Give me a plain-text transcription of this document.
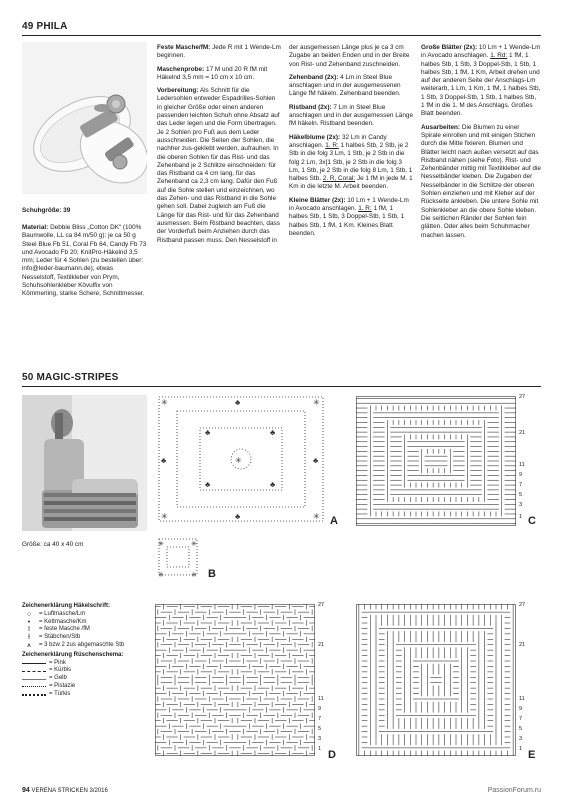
49 PHILA
Schuhgröße: 39
Material: Debbie Bliss „Cotton DK“ (100% Baumwolle, LL ca 84 m/50 g): je ca 50 g Steel Blue Fb 51, Coral Fb 64, Candy Fb 73 und Avocado Fb 20; KnitPro-Häkelnd 3,5 mm; Leder für 4 Sohlen (zu bestellen über: info@leder-baumann.de); etwas Nesselstoff, Textilkleber von Prym, Schuhsohlenkleber Kövulfix von Kömmerling, starke Schere, Schnittmesser.

Feste Masche/fM: Jede R mit 1 Wende-Lm beginnen.

Maschenprobe: 17 M und 20 R fM mit Häkelnd 3,5 mm = 10 cm x 10 cm.

Vorbereitung: Als Schnitt für die Ledersohlen entweder Espadrilles-Sohlen in gleicher Größe oder einen anderen passenden leichten Schuh ohne Absatz auf das Leder legen und die Form übertragen. Je 2 Sohlen pro Fuß aus dem Leder ausschneiden. Die Seiten der Sohlen, die nachher zus-geklebt werden, aufrauhen. In die oberen Sohlen für das Rist- und das Zehenband je 2 Schlitze einschneiden: für das Ristband ca 4 cm lang, für das Zehenband ca 2,3 cm lang. Dafür den Fuß auf die Sohle stellen und einzeichnen, wo das Zehen- und das Ristband in die Sohle gehen soll. Dabei zugleich am Fuß die Länge für das Rist- und für das Zehenband ausmessen. Beim Ristband beachten, dass der Vorderfuß beim Anziehen durch das Ristband passen muss. Den Nesselstoff in

der ausgemessen Länge plus je ca 3 cm Zugabe an beiden Enden und in der Breite von Rist- und Zehenband zuschneiden.

Zehenband (2x): 4 Lm in Steel Blue anschlagen und in der ausgemessenen Länge fM häkeln. Zehenband beenden.

Ristband (2x): 7 Lm in Steel Blue anschlagen und in der ausgemessen Länge fM häkeln. Ristband beenden.

Häkelblume (2x): 32 Lm in Candy anschlagen. 1. R: 1 halbes Stb, 2 Stb, je 2 Stb in die folg 3 Lm, 1 Stb, je 2 Stb in die folg 2 Lm, 3x[1 Stb, je 2 Stb in die folg 3 Lm, 1 Stb, je 2 Stb in die folg 8 Lm, 1 Stb, 1 halbes Stb. 2. R, Coral: Je 1 fM in jede M. 1 Km in die letzte M. Arbeit beenden.

Kleine Blätter (2x): 10 Lm + 1 Wende-Lm in Avocado anschlagen. 1. R: 1 fM, 1 halbes Stb, 1 Stb, 3 Doppel-Stb, 1 Stb, 1 halbes Stb, 1 fM, 1 Km. Kleines Blatt beenden.

Große Blätter (2x): 10 Lm + 1 Wende-Lm in Avocado anschlagen. 1. Rd: 1 fM, 1 halbes Stb, 1 Stb, 3 Doppel-Stb, 1 Stb, 1 halbes Stb, 1 fM, 1 Km, Arbeit drehen und auf der anderen Seite der Anschlags-Lm weiterarb, 1 Lm, 1 Km, 1 fM, 1 halbes Stb, 1 Stb, 3 Doppel-Stb, 1 Stb, 1 halbes Stb, 1 fM in die 1. M des Anschlags. Großes Blatt beenden.

Ausarbeiten: Die Blumen zu einer Spirale einrollen und mit einigen Stichen durch die Mitte fixieren. Blumen und Blätter leicht nach außen versetzt auf das Ristband nähen (siehe Foto). Rist- und Zehenbänder mittig mit Textilkleber auf die Nesselbänder kleben. Die Zugaben der Nesselbänder in die Schlitze der oberen Sohlen einziehen und mit Kleber auf der Rückseite ankleben. Die untere Sohle mit Sohlenkleber an die obere Sohle kleben. Die seitlichen Ränder der Sohlen fein glätten. Oder alles beim Schuhmacher machen lassen.

50 MAGIC-STRIPES
Größe: ca 40 x 40 cm
✳	✳
✳	✳
♣
♣
♣	♣
♣	♣
♣	♣
✳
A
✳	✳
✳	✳ B
C
D	E
27
21
11
9
7
5
3
1
27
21
11
9
7
5
3
1
27
21
11
9
7
5
3
1
Zeichenerklärung Häkelschrift:
○	= Luftmasche/Lm
•	= Kettmasche/Km
I	= feste Masche /fM
ƚ	= Stäbchen/Stb
⩚	= 3 bzw 2 zus abgemaschte Stb
Zeichenerklärung Rüschenschema:
= Pink
= Kürbis
= Gelb
= Pistazie
= Türkis
94 VERENA STRICKEN 3/2016	PassionForum.ru
